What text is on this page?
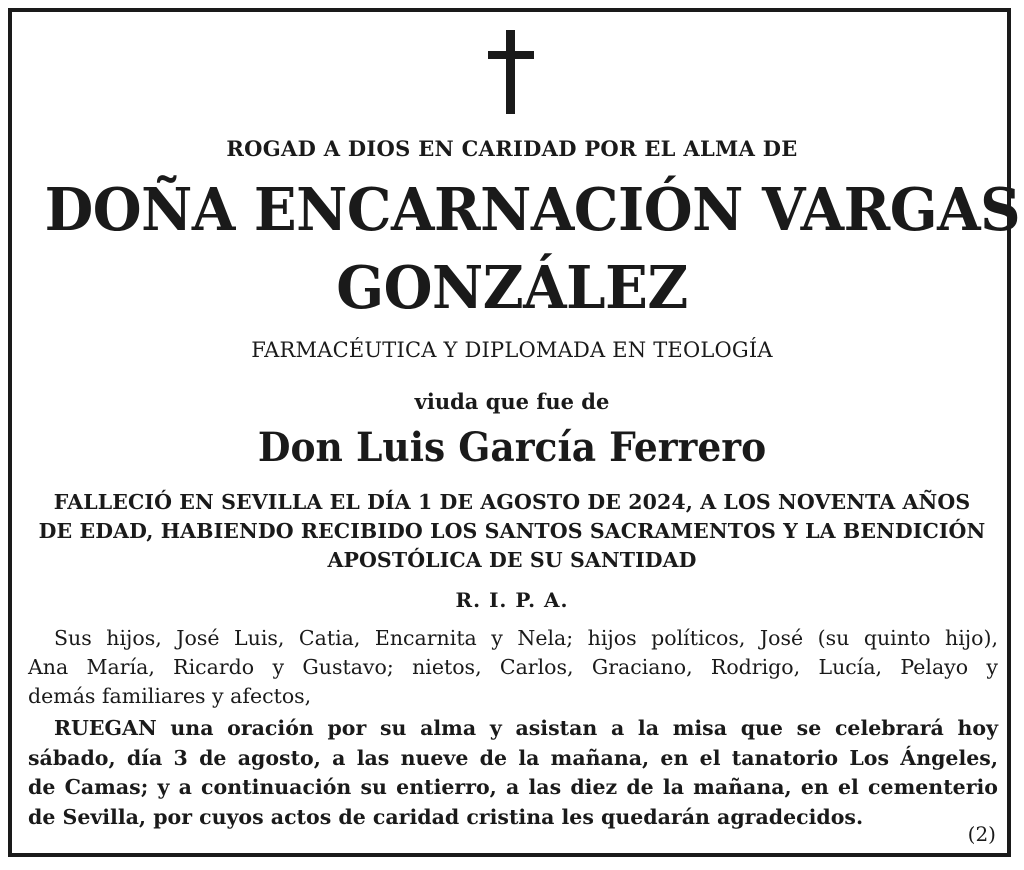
ROGAD A DIOS EN CARIDAD POR EL ALMA DE
DOÑA ENCARNACIÓN VARGAS
GONZÁLEZ
FARMACÉUTICA Y DIPLOMADA EN TEOLOGÍA
viuda que fue de
Don Luis García Ferrero
FALLECIÓ EN SEVILLA EL DÍA 1 DE AGOSTO DE 2024, A LOS NOVENTA AÑOS
DE EDAD, HABIENDO RECIBIDO LOS SANTOS SACRAMENTOS Y LA BENDICIÓN
APOSTÓLICA DE SU SANTIDAD
R. I. P. A.
Sus hijos, José Luis, Catia, Encarnita y Nela; hijos políticos, José (su quinto hijo),
Ana María, Ricardo y Gustavo; nietos, Carlos, Graciano, Rodrigo, Lucía, Pelayo y
demás familiares y afectos,
RUEGAN una oración por su alma y asistan a la misa que se celebrará hoy
sábado, día 3 de agosto, a las nueve de la mañana, en el tanatorio Los Ángeles,
de Camas; y a continuación su entierro, a las diez de la mañana, en el cementerio
de Sevilla, por cuyos actos de caridad cristina les quedarán agradecidos.
(2)
